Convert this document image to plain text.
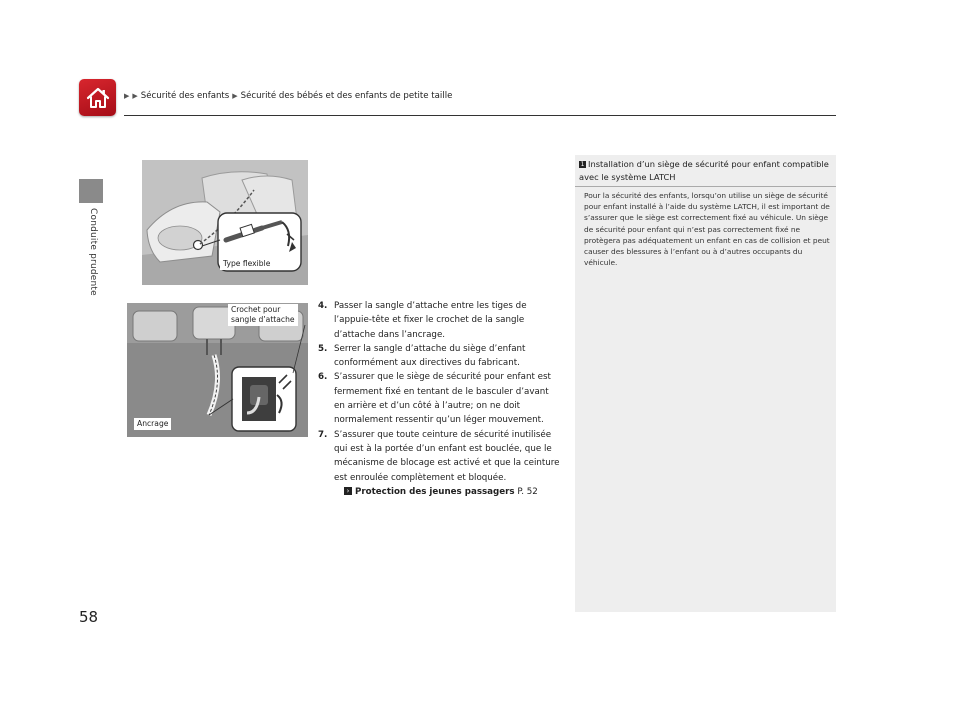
▶ ▶ Sécurité des enfants ▶ Sécurité des bébés et des enfants de petite taille
Conduite prudente	Type flexible
Crochet pour
sangle d’attache
Ancrage
4. Passer la sangle d’attache entre les tiges de l’appuie-tête et fixer le crochet de la sangle d’attache dans l’ancrage.
5. Serrer la sangle d’attache du siège d’enfant conformément aux directives du fabricant.
6. S’assurer que le siège de sécurité pour enfant est fermement fixé en tentant de le basculer d’avant en arrière et d’un côté à l’autre; on ne doit normalement ressentir qu’un léger mouvement.
7. S’assurer que toute ceinture de sécurité inutilisée qui est à la portée d’un enfant est bouclée, que le mécanisme de blocage est activé et que la ceinture est enroulée complètement et bloquée.
› Protection des jeunes passagers P. 52
1 Installation d’un siège de sécurité pour enfant compatible avec le système LATCH
Pour la sécurité des enfants, lorsqu’on utilise un siège de sécurité pour enfant installé à l’aide du système LATCH, il est important de s’assurer que le siège est correctement fixé au véhicule. Un siège de sécurité pour enfant qui n’est pas correctement fixé ne protègera pas adéquatement un enfant en cas de collision et peut causer des blessures à l’enfant ou à d’autres occupants du véhicule.
58
